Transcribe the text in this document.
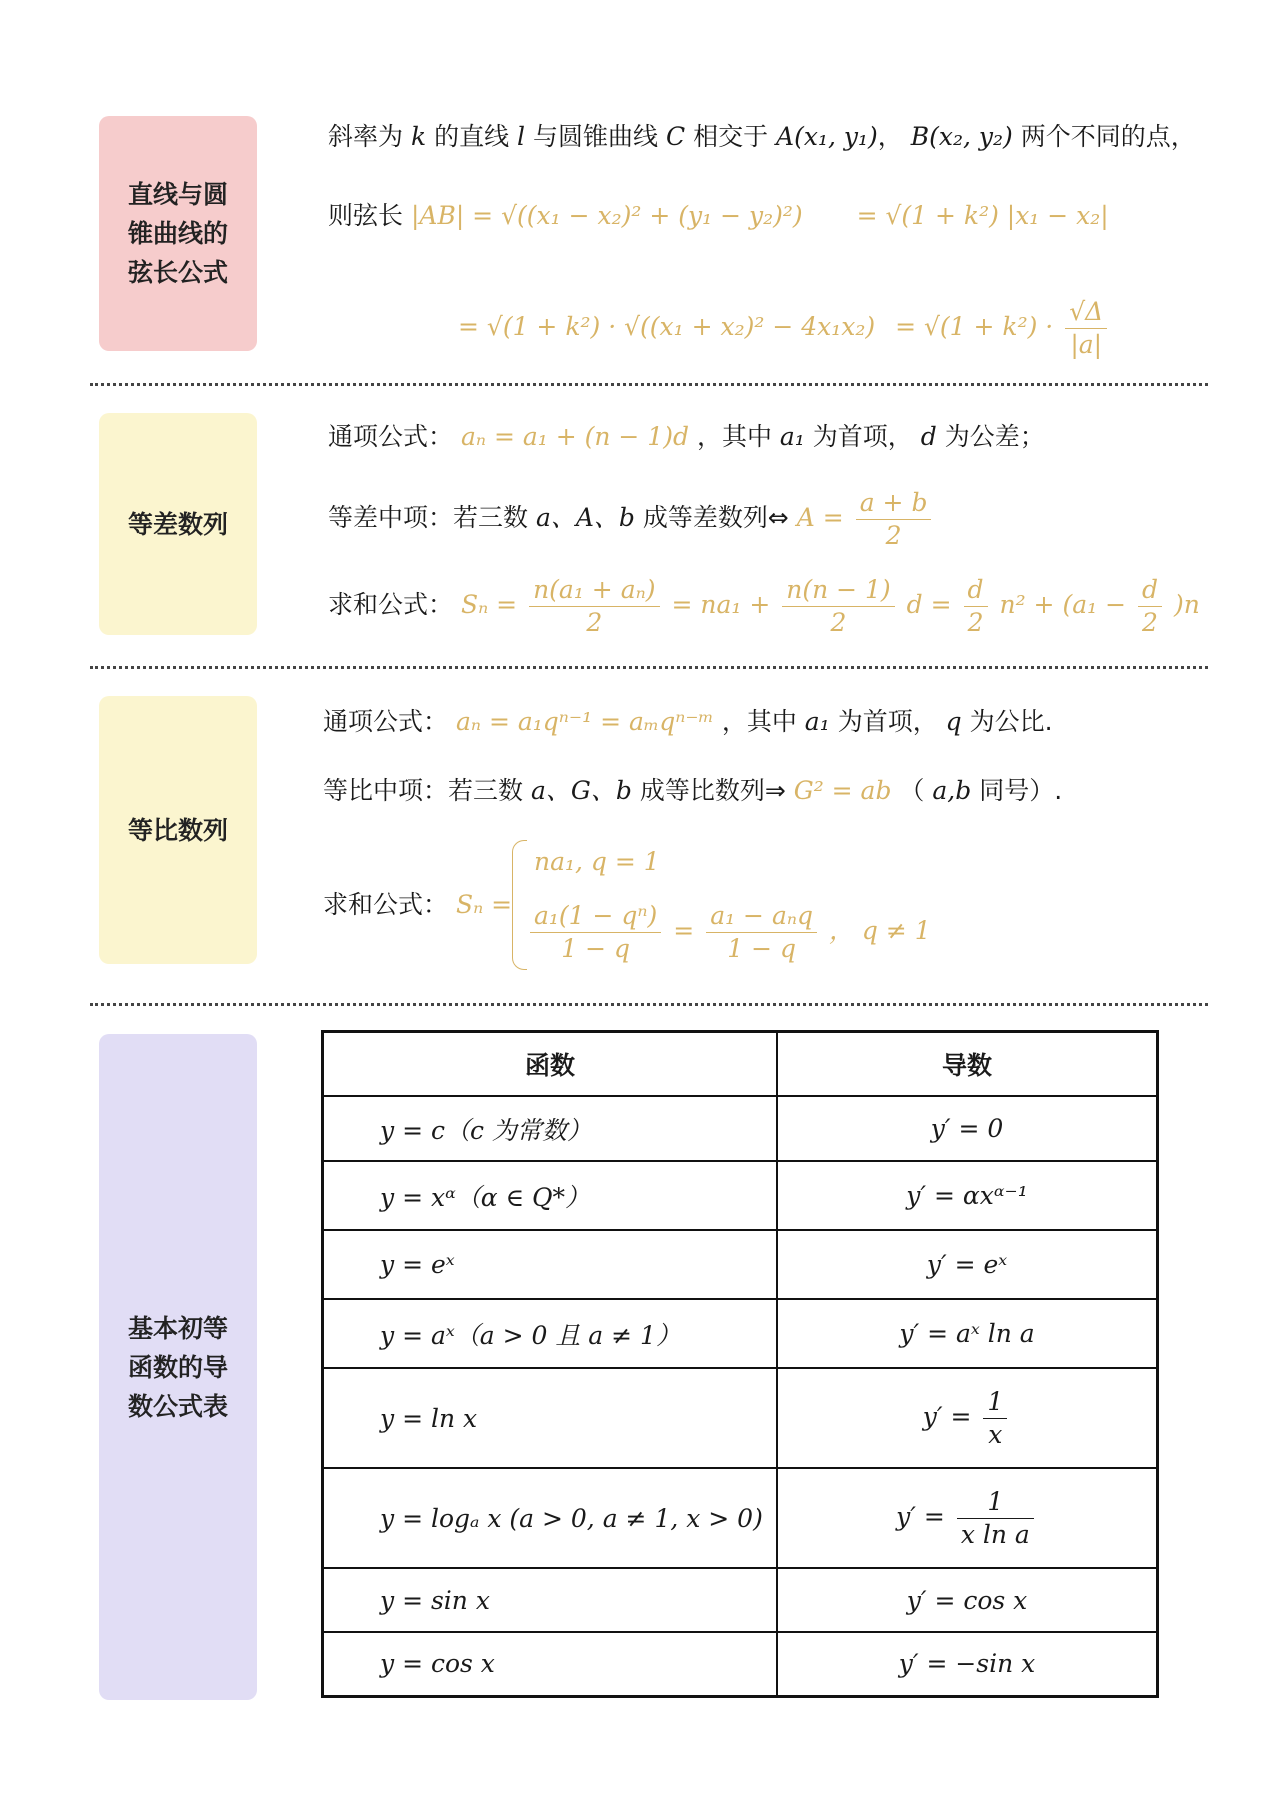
直线与圆
锥曲线的
弦长公式
等差数列
等比数列
基本初等
函数的导
数公式表
斜率为 k 的直线 l 与圆锥曲线 C 相交于 A(x₁, y₁)， B(x₂, y₂) 两个不同的点，
则弦长 |AB| = √((x₁ − x₂)² + (y₁ − y₂)²) = √(1 + k²) |x₁ − x₂|
= $√(1 + k^2) \cdot √((x_1 + x_2)^2 - 4x_1x_2) = √(1 + k^2) \cdot \frac{√\Delta}{|a|}$
通项公式： aₙ = a₁ + (n − 1)d ，其中 a₁ 为首项， d 为公差；
等差中项：若三数 a、A、b 成等差数列⇔ $A = \frac{a + b}{2}$
求和公式： $S_n = \frac{\text{n(a₁ + aₙ)}}{2} = na_1 + \frac{n(n - 1)}{2}$ $d = \frac{d}{2} n^2 + (a_1 - \frac{d}{2} )n$
通项公式： aₙ = a₁qⁿ⁻¹ = aₘqⁿ⁻ᵐ ，其中 a₁ 为首项， q 为公比.
等比中项：若三数 a、G、b 成等比数列⇒ G² = ab （ a,b 同号）.
求和公式： Sₙ =
na₁, q = 1
$\frac{\text{a₁(1 − qⁿ)}}{1 - q} = \frac{\text{a₁ − aₙq}}{1 - q}$ ， q ≠ 1
函数	导数
y = c（c 为常数）	y′ = 0
y = xᵅ（α ∈ Q*）	y′ = αxᵅ⁻¹
y = eˣ	y′ = eˣ
y = aˣ（a > 0 且 a ≠ 1）	y′ = aˣ ln a
y = ln x	$y' = \frac{1}{x}$

y = logₐ x (a > 0, a ≠ 1, x > 0)	$y' = \frac{1}{\text{x ln a}}$

y = sin x	y′ = cos x
y = cos x	y′ = −sin x
